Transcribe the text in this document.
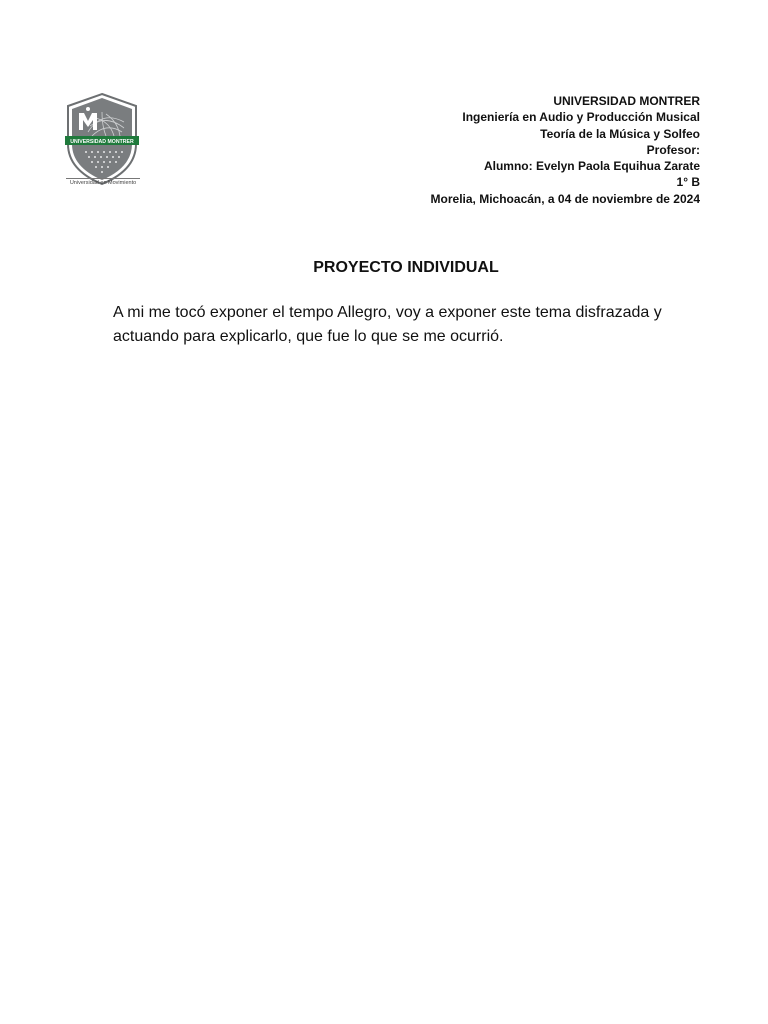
UNIVERSIDAD MONTRER
Universidad en Movimiento
UNIVERSIDAD MONTRER
Ingeniería en Audio y Producción Musical
Teoría de la Música y Solfeo
Profesor:
Alumno: Evelyn Paola Equihua Zarate
1° B
Morelia, Michoacán, a 04 de noviembre de 2024
PROYECTO INDIVIDUAL

A mi me tocó exponer el tempo Allegro, voy a exponer este tema disfrazada y actuando para explicarlo, que fue lo que se me ocurrió.
